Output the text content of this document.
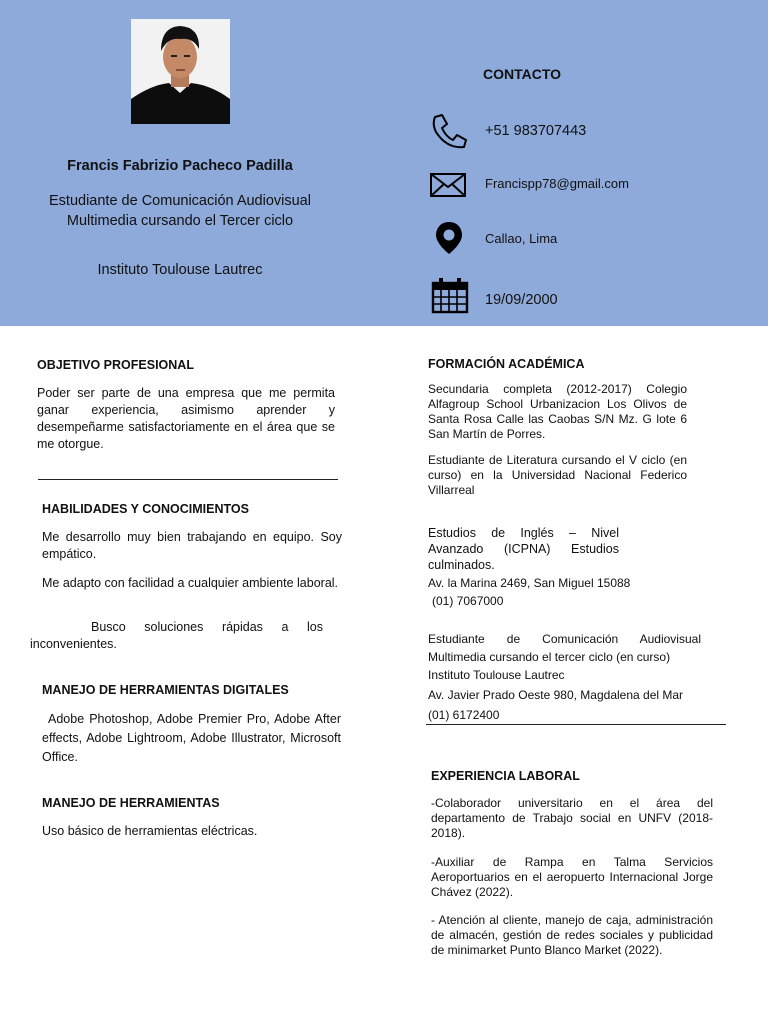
Francis Fabrizio Pacheco Padilla
Estudiante de Comunicación Audiovisual Multimedia cursando el Tercer ciclo
Instituto Toulouse Lautrec
CONTACTO
+51 983707443
Francispp78@gmail.com
Callao, Lima
19/09/2000
OBJETIVO PROFESIONAL

Poder ser parte de una empresa que me permita ganar experiencia, asimismo aprender y desempeñarme satisfactoriamente en el área que se me otorgue.

HABILIDADES Y CONOCIMIENTOS

Me desarrollo muy bien trabajando en equipo. Soy empático.

Me adapto con facilidad a cualquier ambiente laboral.

Busco soluciones rápidas a los inconvenientes.

MANEJO DE HERRAMIENTAS DIGITALES

Adobe Photoshop, Adobe Premier Pro, Adobe After effects, Adobe Lightroom, Adobe Illustrator, Microsoft Office.

MANEJO DE HERRAMIENTAS

Uso básico de herramientas eléctricas.

FORMACIÓN ACADÉMICA

Secundaria completa (2012-2017) Colegio Alfagroup School Urbanizacion Los Olivos de Santa Rosa Calle las Caobas S/N Mz. G lote 6 San Martín de Porres.

Estudiante de Literatura cursando el V ciclo (en curso) en la Universidad Nacional Federico Villarreal

Estudios de Inglés – Nivel Avanzado (ICPNA) Estudios culminados.

Av. la Marina 2469, San Miguel 15088
(01) 7067000

Estudiante de Comunicación Audiovisual Multimedia cursando el tercer ciclo (en curso)

Instituto Toulouse Lautrec
Av. Javier Prado Oeste 980, Magdalena del Mar
(01) 6172400
EXPERIENCIA LABORAL

-Colaborador universitario en el área del departamento de Trabajo social en UNFV (2018- 2018).

-Auxiliar de Rampa en Talma Servicios Aeroportuarios en el aeropuerto Internacional Jorge Chávez (2022).

- Atención al cliente, manejo de caja, administración de almacén, gestión de redes sociales y publicidad de minimarket Punto Blanco Market (2022).
